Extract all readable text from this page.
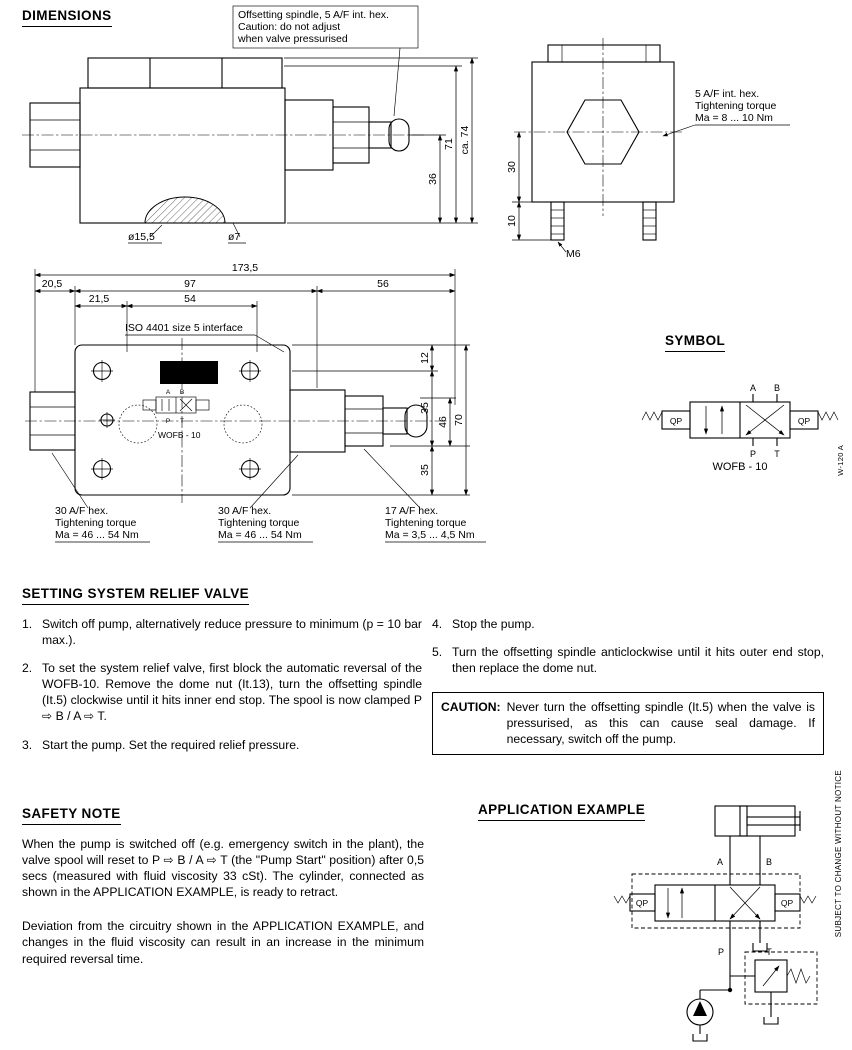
Offsetting spindle, 5 A/F int. hex.
Caution: do not adjust
when valve pressurised
36
71 ca. 74
ø15,5	ø7
M6
30
10
5 A/F int. hex.
Tightening torque
Ma = 8 ... 10 Nm
173,5
20,5	97	56
21,5	54
ISO 4401 size 5 interface
BUCHER
HYDRAULICS
A B
P T
WOFB - 10
12
35
35
46 70
30 A/F hex.
Tightening torque
Ma = 46 ... 54 Nm
30 A/F hex.
Tightening torque
Ma = 46 ... 54 Nm
17 A/F hex.
Tightening torque
Ma = 3,5 ... 4,5 Nm
A B
P T
QP	QP
WOFB - 10
A	B
QP	QP
P	T
DIMENSIONS
SYMBOL
SETTING SYSTEM RELIEF VALVE
SAFETY NOTE	APPLICATION EXAMPLE
1. Switch off pump, alternatively reduce pressure to minimum (p = 10 bar max.).
2. To set the system relief valve, first block the automatic reversal of the WOFB-10. Remove the dome nut (It.13), turn the offsetting spindle (It.5) clockwise until it hits inner end stop. The spool is now clamped P ⇨ B / A ⇨ T.
3. Start the pump. Set the required relief pressure.
4. Stop the pump.
5. Turn the offsetting spindle anticlockwise until it hits outer end stop, then replace the dome nut.
CAUTION: Never turn the offsetting spindle (It.5) when the valve is pressurised, as this can cause seal damage. If necessary, switch off the pump.
When the pump is switched off (e.g. emergency switch in the plant), the valve spool will reset to P ⇨ B / A ⇨ T (the "Pump Start" position) after 0,5 secs (measured with fluid viscosity 33 cSt). The cylinder, connected as shown in the APPLICATION EXAMPLE, is ready to retract.
Deviation from the circuitry shown in the APPLICATION EXAMPLE, and changes in the fluid viscosity can result in an increase in the minimum required reversal time.
W-120 A
SUBJECT TO CHANGE WITHOUT NOTICE
